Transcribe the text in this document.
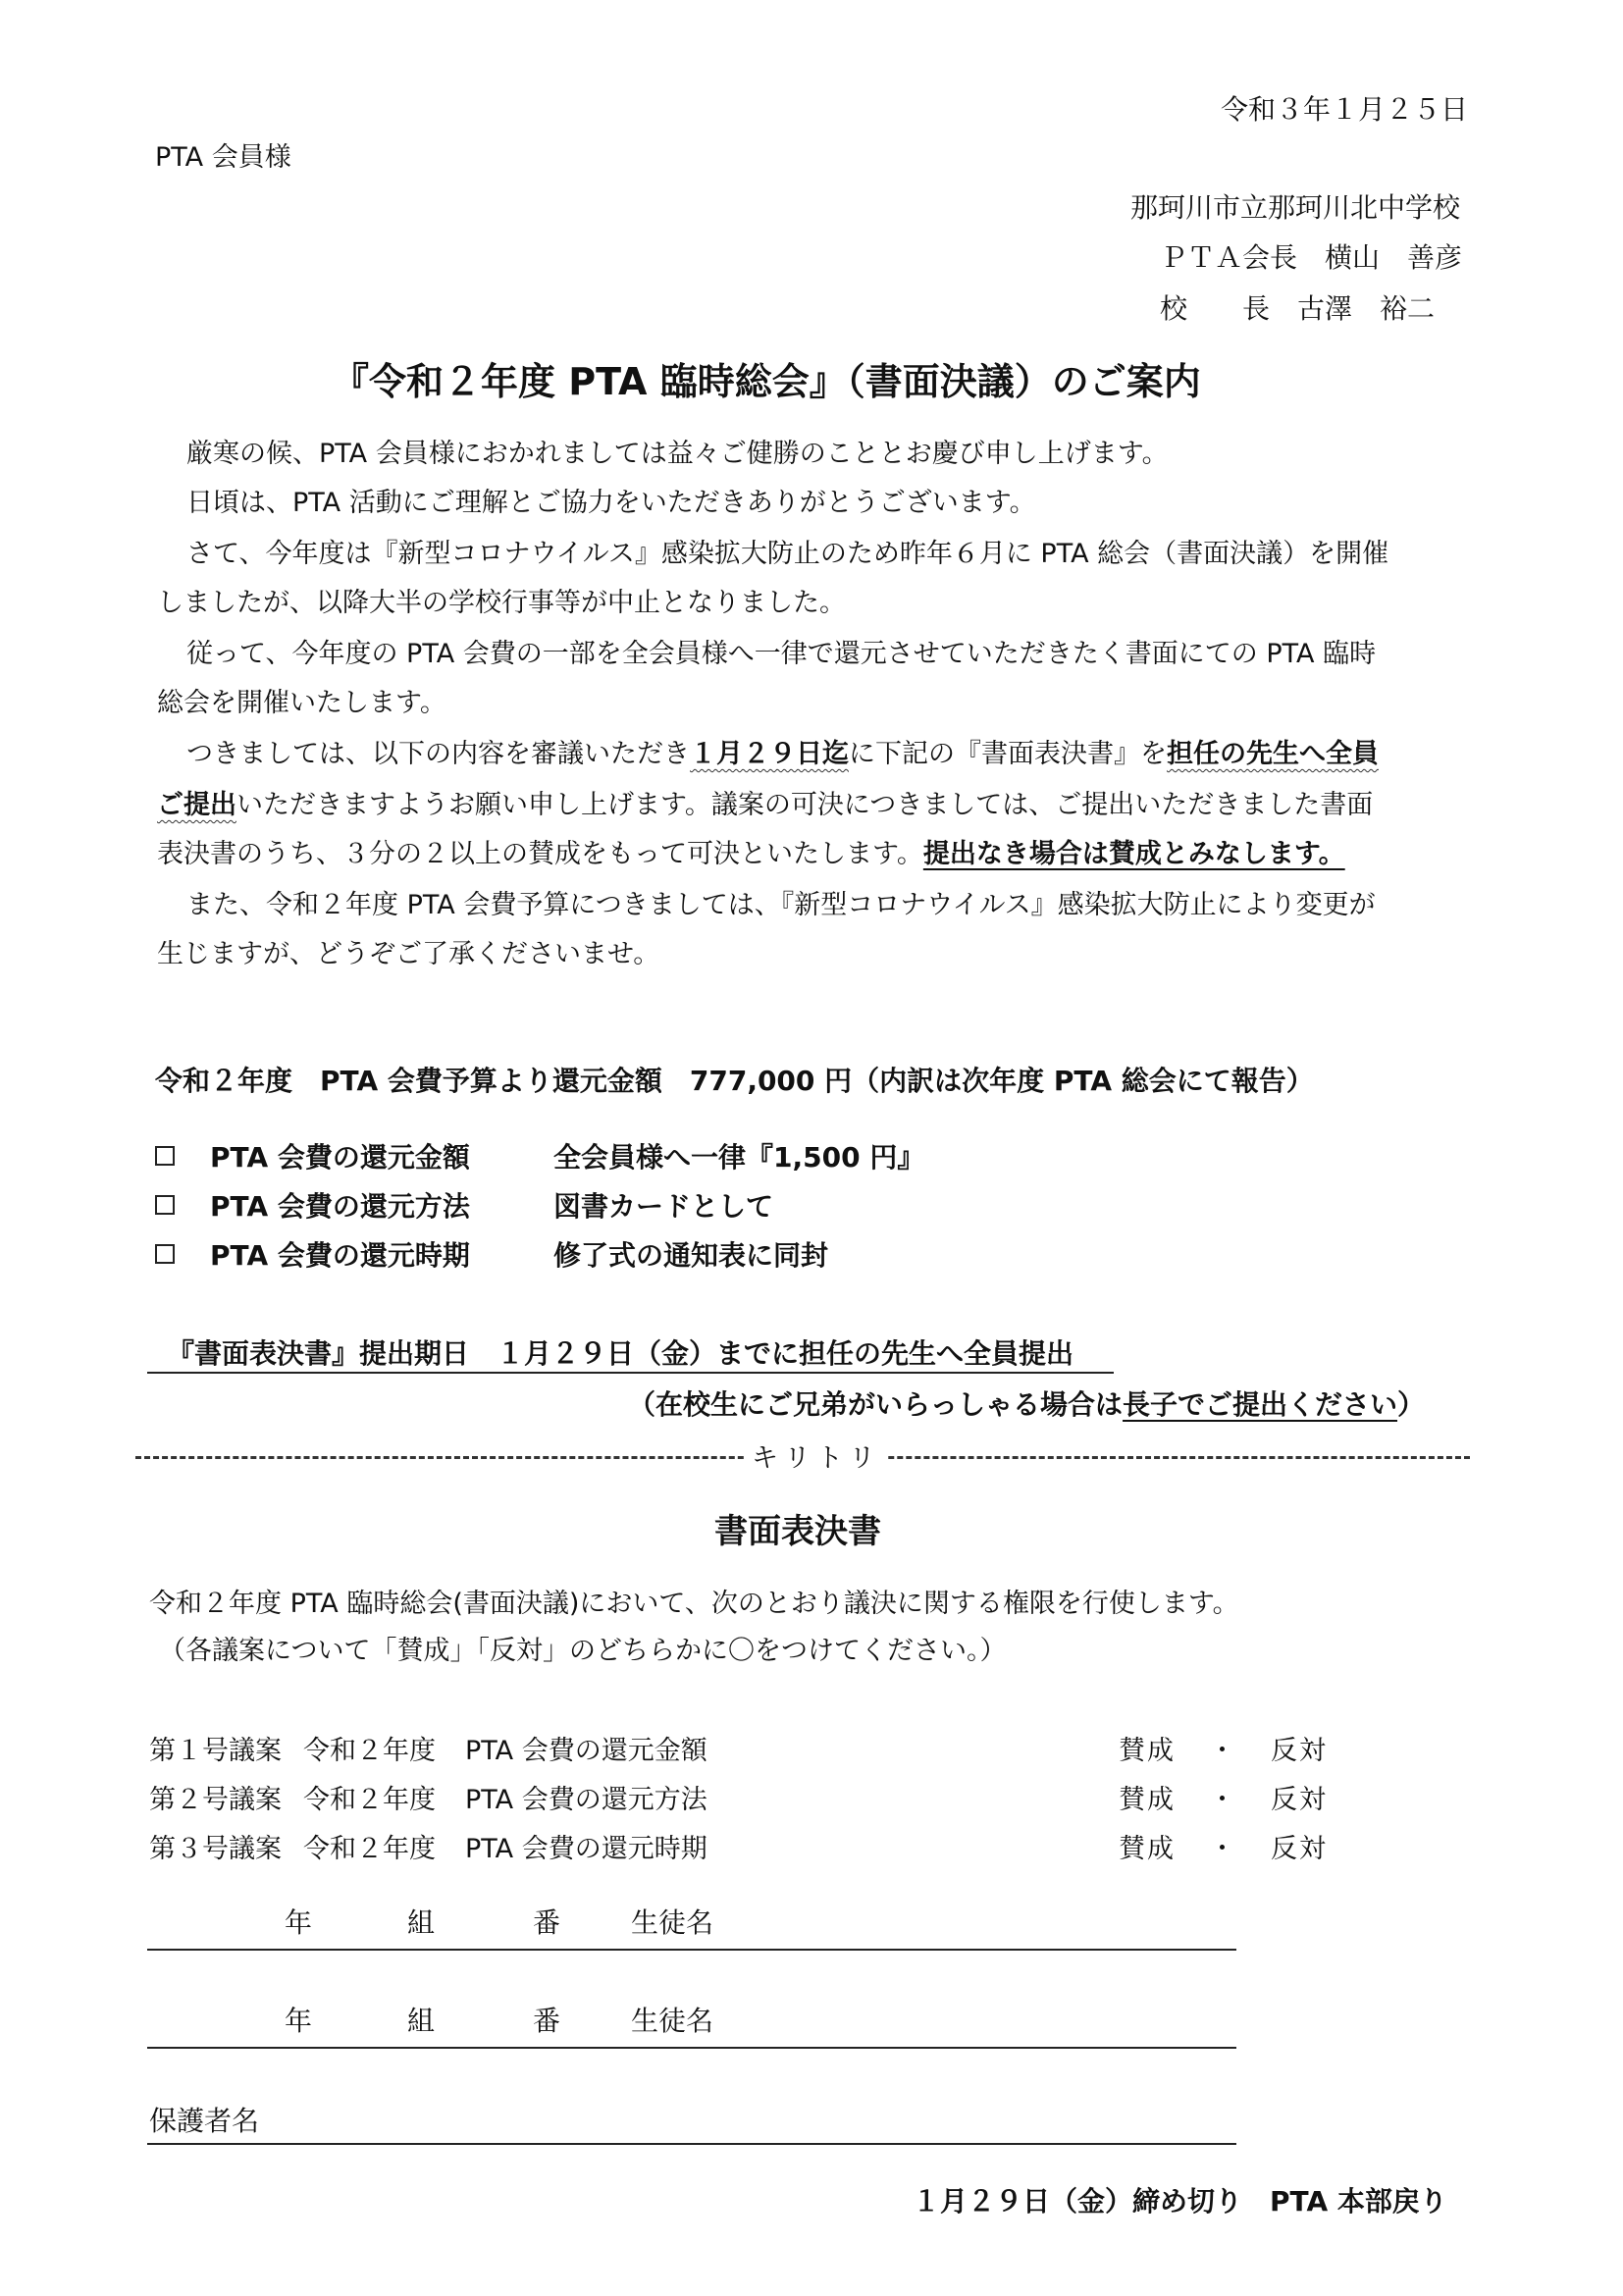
令和３年１月２５日
PTA 会員様
那珂川市立那珂川北中学校
ＰＴＡ会長　横山　善彦
校　　長　古澤　裕二
『令和２年度 PTA 臨時総会』（書面決議）のご案内
厳寒の候、PTA 会員様におかれましては益々ご健勝のこととお慶び申し上げます。
日頃は、PTA 活動にご理解とご協力をいただきありがとうございます。
さて、今年度は『新型コロナウイルス』感染拡大防止のため昨年６月に PTA 総会（書面決議）を開催
しましたが、以降大半の学校行事等が中止となりました。
従って、今年度の PTA 会費の一部を全会員様へ一律で還元させていただきたく書面にての PTA 臨時
総会を開催いたします。
つきましては、以下の内容を審議いただき１月２９日迄に下記の『書面表決書』を担任の先生へ全員
ご提出いただきますようお願い申し上げます。議案の可決につきましては、ご提出いただきました書面
表決書のうち、３分の２以上の賛成をもって可決といたします。提出なき場合は賛成とみなします。
また、令和２年度 PTA 会費予算につきましては、『新型コロナウイルス』感染拡大防止により変更が
生じますが、どうぞご了承くださいませ。
令和２年度　PTA 会費予算より還元金額　777,000 円（内訳は次年度 PTA 総会にて報告）
PTA 会費の還元金額	全会員様へ一律『1,500 円』
PTA 会費の還元方法	図書カードとして
PTA 会費の還元時期	修了式の通知表に同封
『書面表決書』提出期日　１月２９日（金）までに担任の先生へ全員提出
（在校生にご兄弟がいらっしゃる場合は長子でご提出ください）
キリトリ
書面表決書
令和２年度 PTA 臨時総会(書面決議)において、次のとおり議決に関する権限を行使します。
（各議案について「賛成」「反対」のどちらかに〇をつけてください。）
第１号議案 令和２年度 PTA 会費の還元金額	賛成 ・ 反対
第２号議案 令和２年度 PTA 会費の還元方法	賛成 ・ 反対
第３号議案 令和２年度 PTA 会費の還元時期	賛成 ・ 反対
年	組	番	生徒名
年	組	番	生徒名
保護者名
１月２９日（金）締め切り　PTA 本部戻り
